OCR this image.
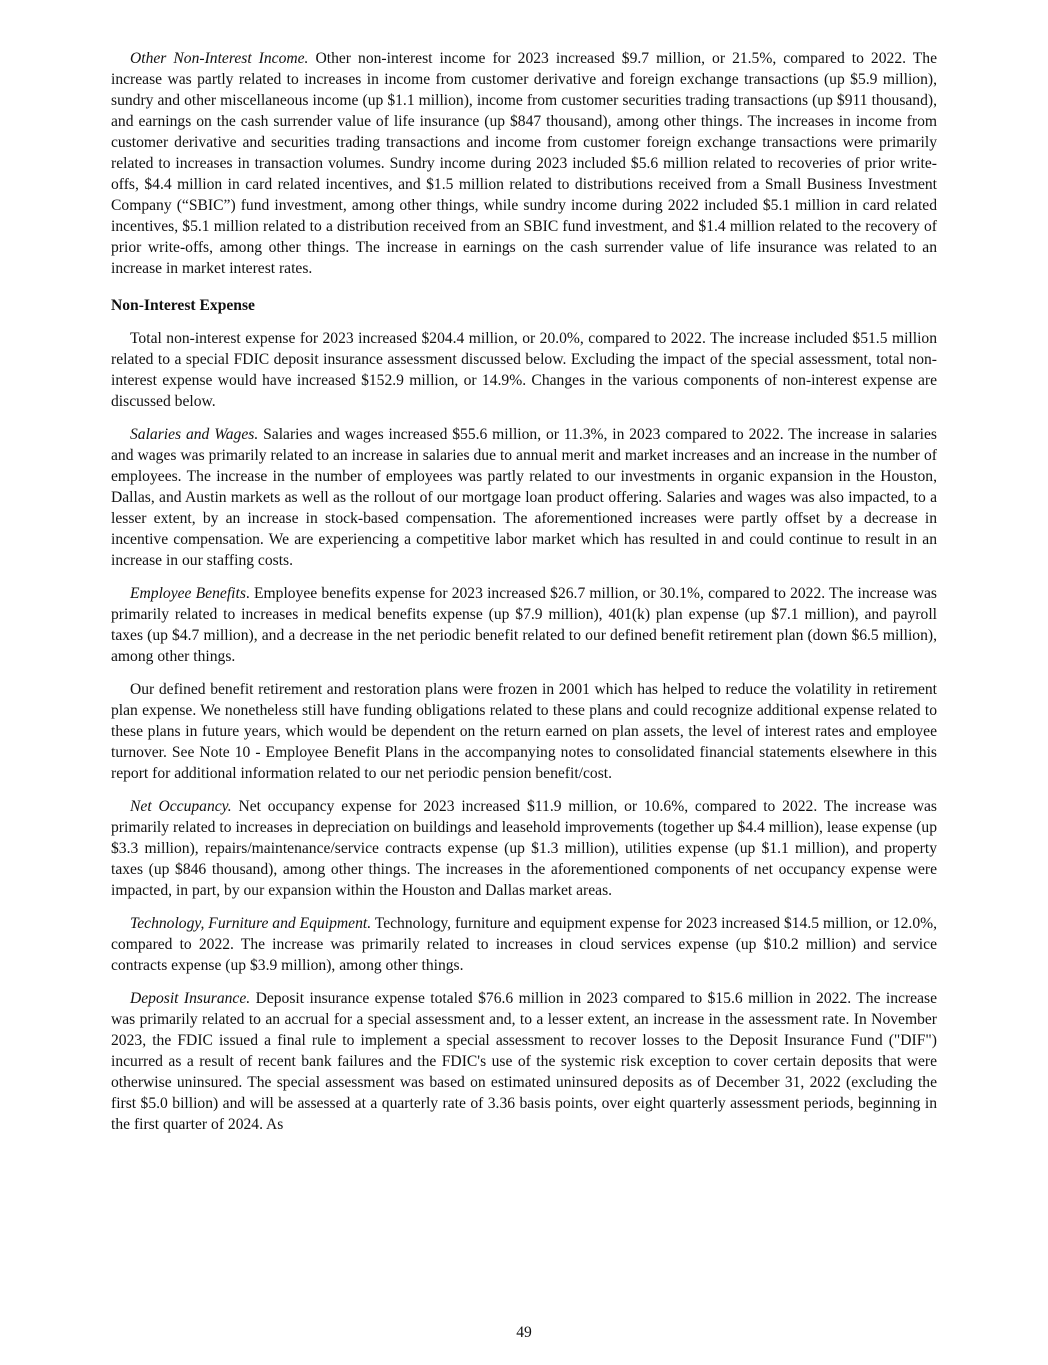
Other Non-Interest Income. Other non-interest income for 2023 increased $9.7 million, or 21.5%, compared to 2022. The increase was partly related to increases in income from customer derivative and foreign exchange transactions (up $5.9 million), sundry and other miscellaneous income (up $1.1 million), income from customer securities trading transactions (up $911 thousand), and earnings on the cash surrender value of life insurance (up $847 thousand), among other things. The increases in income from customer derivative and securities trading transactions and income from customer foreign exchange transactions were primarily related to increases in transaction volumes. Sundry income during 2023 included $5.6 million related to recoveries of prior write-offs, $4.4 million in card related incentives, and $1.5 million related to distributions received from a Small Business Investment Company (“SBIC”) fund investment, among other things, while sundry income during 2022 included $5.1 million in card related incentives, $5.1 million related to a distribution received from an SBIC fund investment, and $1.4 million related to the recovery of prior write-offs, among other things. The increase in earnings on the cash surrender value of life insurance was related to an increase in market interest rates.

Non-Interest Expense

Total non-interest expense for 2023 increased $204.4 million, or 20.0%, compared to 2022. The increase included $51.5 million related to a special FDIC deposit insurance assessment discussed below. Excluding the impact of the special assessment, total non-interest expense would have increased $152.9 million, or 14.9%. Changes in the various components of non-interest expense are discussed below.

Salaries and Wages. Salaries and wages increased $55.6 million, or 11.3%, in 2023 compared to 2022. The increase in salaries and wages was primarily related to an increase in salaries due to annual merit and market increases and an increase in the number of employees. The increase in the number of employees was partly related to our investments in organic expansion in the Houston, Dallas, and Austin markets as well as the rollout of our mortgage loan product offering. Salaries and wages was also impacted, to a lesser extent, by an increase in stock-based compensation. The aforementioned increases were partly offset by a decrease in incentive compensation. We are experiencing a competitive labor market which has resulted in and could continue to result in an increase in our staffing costs.

Employee Benefits. Employee benefits expense for 2023 increased $26.7 million, or 30.1%, compared to 2022. The increase was primarily related to increases in medical benefits expense (up $7.9 million), 401(k) plan expense (up $7.1 million), and payroll taxes (up $4.7 million), and a decrease in the net periodic benefit related to our defined benefit retirement plan (down $6.5 million), among other things.

Our defined benefit retirement and restoration plans were frozen in 2001 which has helped to reduce the volatility in retirement plan expense. We nonetheless still have funding obligations related to these plans and could recognize additional expense related to these plans in future years, which would be dependent on the return earned on plan assets, the level of interest rates and employee turnover. See Note 10 - Employee Benefit Plans in the accompanying notes to consolidated financial statements elsewhere in this report for additional information related to our net periodic pension benefit/cost.

Net Occupancy. Net occupancy expense for 2023 increased $11.9 million, or 10.6%, compared to 2022. The increase was primarily related to increases in depreciation on buildings and leasehold improvements (together up $4.4 million), lease expense (up $3.3 million), repairs/maintenance/service contracts expense (up $1.3 million), utilities expense (up $1.1 million), and property taxes (up $846 thousand), among other things. The increases in the aforementioned components of net occupancy expense were impacted, in part, by our expansion within the Houston and Dallas market areas.

Technology, Furniture and Equipment. Technology, furniture and equipment expense for 2023 increased $14.5 million, or 12.0%, compared to 2022. The increase was primarily related to increases in cloud services expense (up $10.2 million) and service contracts expense (up $3.9 million), among other things.

Deposit Insurance. Deposit insurance expense totaled $76.6 million in 2023 compared to $15.6 million in 2022. The increase was primarily related to an accrual for a special assessment and, to a lesser extent, an increase in the assessment rate. In November 2023, the FDIC issued a final rule to implement a special assessment to recover losses to the Deposit Insurance Fund ("DIF") incurred as a result of recent bank failures and the FDIC's use of the systemic risk exception to cover certain deposits that were otherwise uninsured. The special assessment was based on estimated uninsured deposits as of December 31, 2022 (excluding the first $5.0 billion) and will be assessed at a quarterly rate of 3.36 basis points, over eight quarterly assessment periods, beginning in the first quarter of 2024. As

49
